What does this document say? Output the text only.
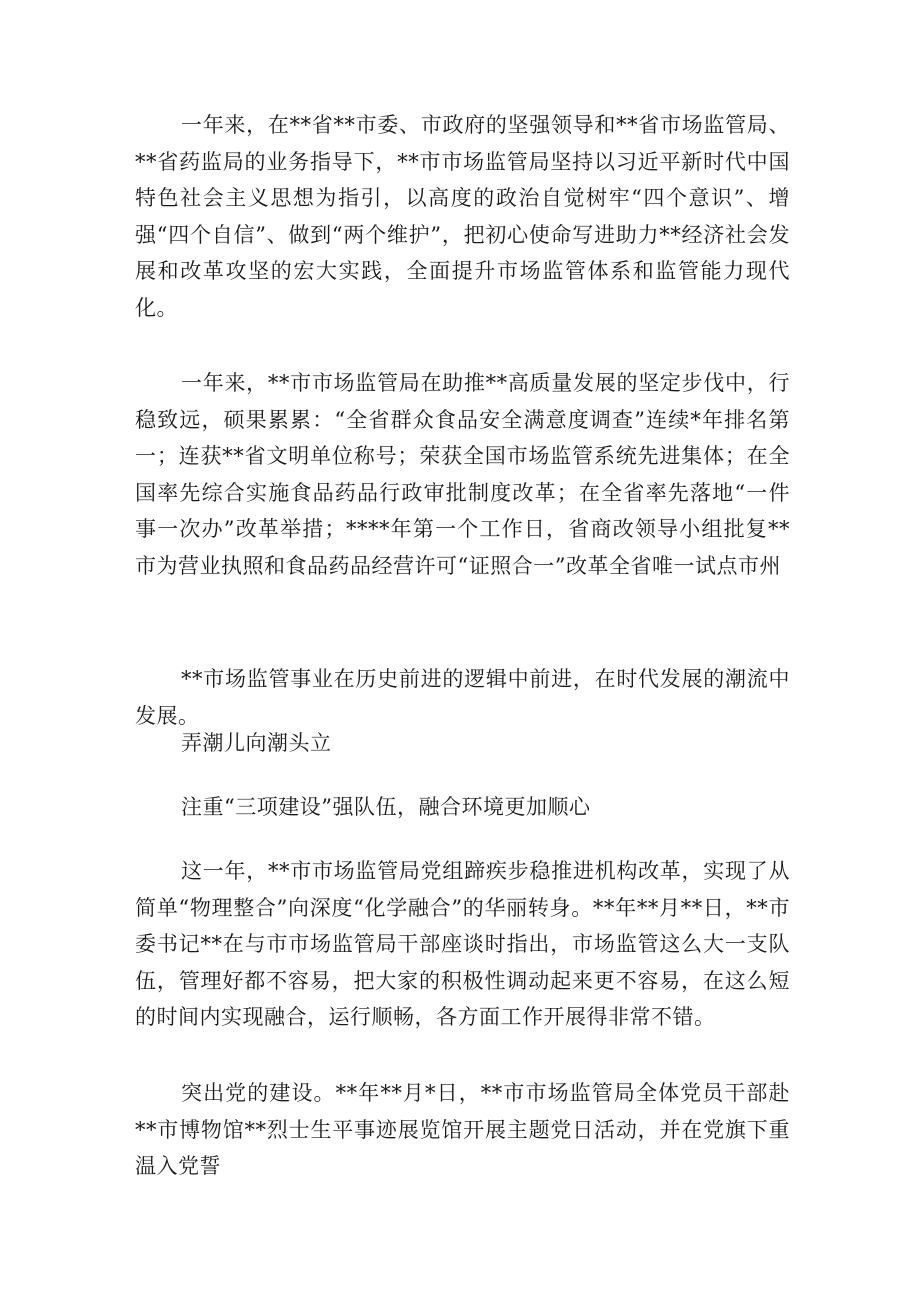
一年来，在**省**市委、市政府的坚强领导和**省市场监管局、**省药监局的业务指导下，**市市场监管局坚持以习近平新时代中国特色社会主义思想为指引，以高度的政治自觉树牢“四个意识”、增强“四个自信”、做到“两个维护”，把初心使命写进助力**经济社会发展和改革攻坚的宏大实践，全面提升市场监管体系和监管能力现代化。

一年来，**市市场监管局在助推**高质量发展的坚定步伐中，行稳致远，硕果累累：“全省群众食品安全满意度调查”连续*年排名第一；连获**省文明单位称号；荣获全国市场监管系统先进集体；在全国率先综合实施食品药品行政审批制度改革；在全省率先落地“一件事一次办”改革举措；****年第一个工作日，省商改领导小组批复**市为营业执照和食品药品经营许可“证照合一”改革全省唯一试点市州

**市场监管事业在历史前进的逻辑中前进，在时代发展的潮流中发展。

弄潮儿向潮头立

注重“三项建设”强队伍，融合环境更加顺心

这一年，**市市场监管局党组蹄疾步稳推进机构改革，实现了从简单“物理整合”向深度“化学融合”的华丽转身。**年**月**日，**市委书记**在与市市场监管局干部座谈时指出，市场监管这么大一支队伍，管理好都不容易，把大家的积极性调动起来更不容易，在这么短的时间内实现融合，运行顺畅，各方面工作开展得非常不错。

突出党的建设。**年**月*日，**市市场监管局全体党员干部赴**市博物馆**烈士生平事迹展览馆开展主题党日活动，并在党旗下重温入党誓
